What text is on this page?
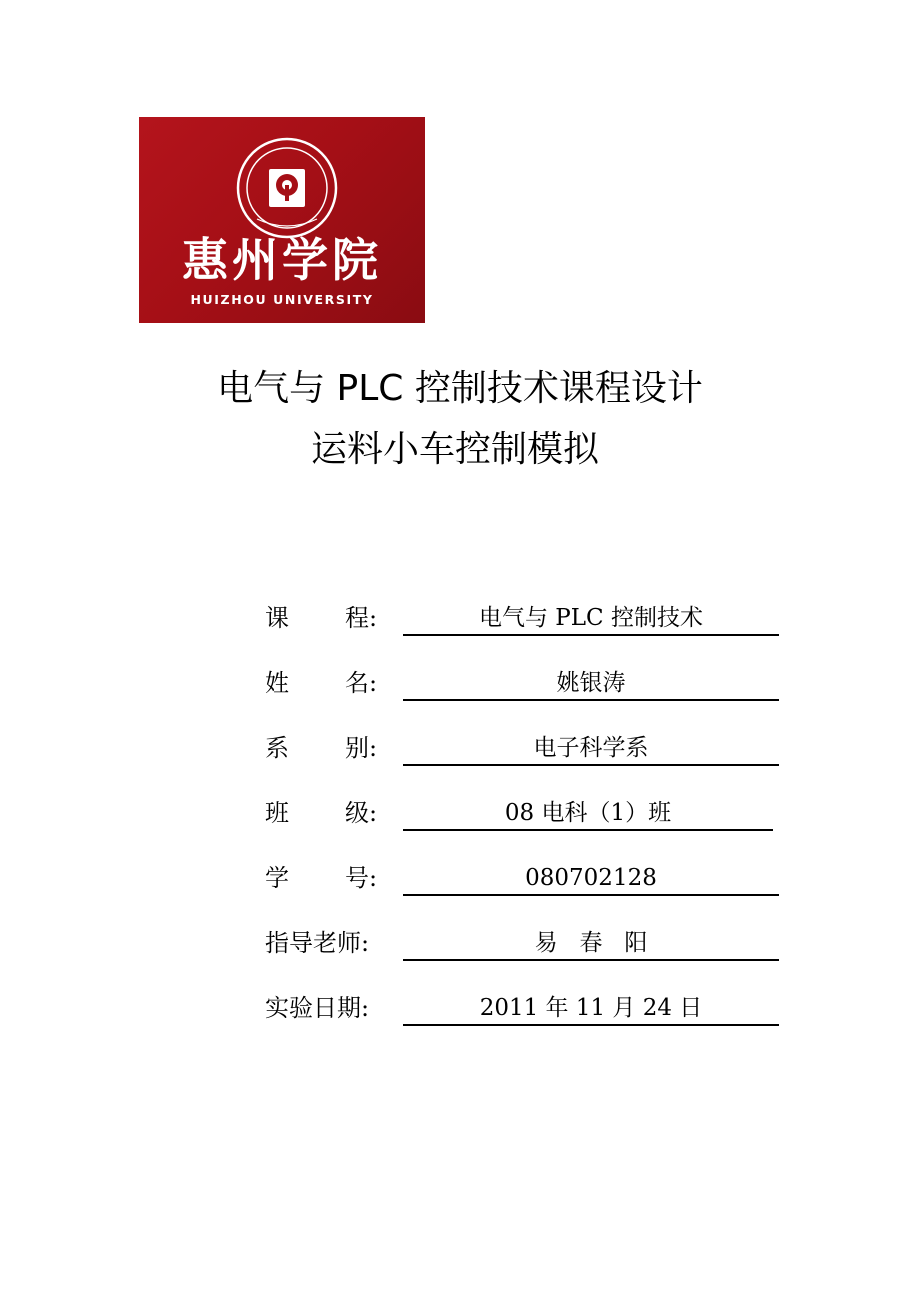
惠州学院
HUIZHOU UNIVERSITY
电气与 PLC 控制技术课程设计
运料小车控制模拟
课 程:	电气与 PLC 控制技术
姓 名:	姚银涛
系 别:	电子科学系
班 级:	08 电科（1）班
学 号:	080702128
指导老师:	易   春   阳
实验日期:	2011 年 11 月 24 日
